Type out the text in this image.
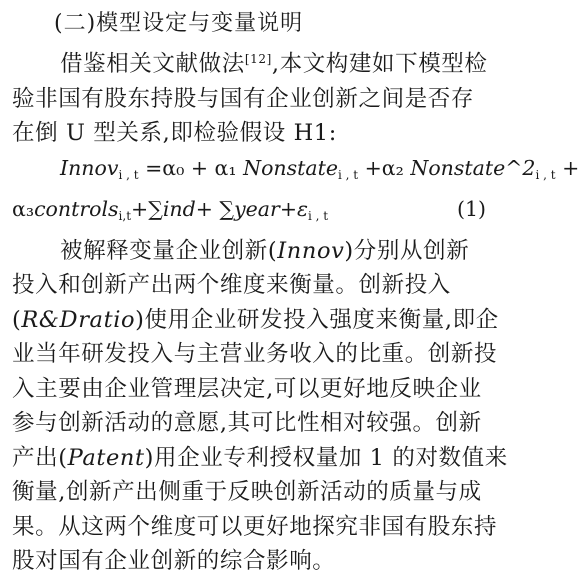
(二)模型设定与变量说明
借鉴相关文献做法[12],本文构建如下模型检
验非国有股东持股与国有企业创新之间是否存
在倒 U 型关系,即检验假设 H1:
Innov$_{i , t}$ =α₀ + α₁ Nonstate$_{i , t}$ +α₂ $Nonstate\^{}2_{i , t}$ +
α₃controls$_{i,t}$+∑ind+ $\sum year+\varepsilon_{i , t}$	(1)
被解释变量企业创新(Innov)分别从创新
投入和创新产出两个维度来衡量。创新投入
(R&Dratio)使用企业研发投入强度来衡量,即企
业当年研发投入与主营业务收入的比重。创新投
入主要由企业管理层决定,可以更好地反映企业
参与创新活动的意愿,其可比性相对较强。创新
产出(Patent)用企业专利授权量加 1 的对数值来
衡量,创新产出侧重于反映创新活动的质量与成
果。从这两个维度可以更好地探究非国有股东持
股对国有企业创新的综合影响。
